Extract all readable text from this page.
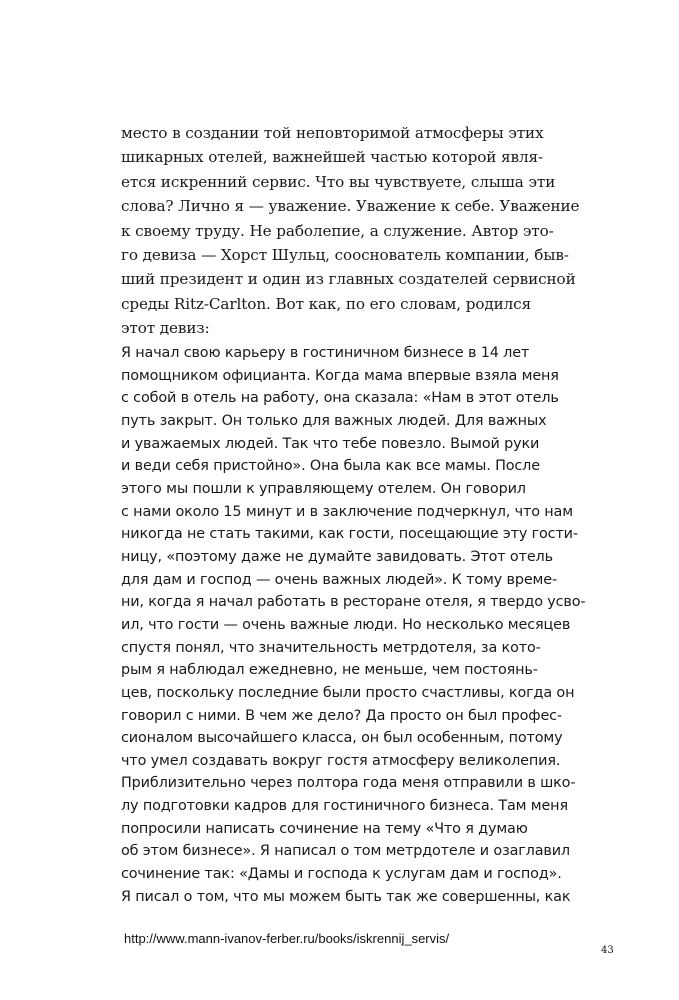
место в создании той неповторимой атмосферы этих
шикарных отелей, важнейшей частью которой явля-
ется искренний сервис. Что вы чувствуете, слыша эти
слова? Лично я — уважение. Уважение к себе. Уважение
к своему труду. Не раболепие, а служение. Автор это-
го девиза — Хорст Шульц, сооснователь компании, быв-
ший президент и один из главных создателей сервисной
среды Ritz-Carlton. Вот как, по его словам, родился
этот девиз:
Я начал свою карьеру в гостиничном бизнесе в 14 лет
помощником официанта. Когда мама впервые взяла меня
с собой в отель на работу, она сказала: «Нам в этот отель
путь закрыт. Он только для важных людей. Для важных
и уважаемых людей. Так что тебе повезло. Вымой руки
и веди себя пристойно». Она была как все мамы. После
этого мы пошли к управляющему отелем. Он говорил
с нами около 15 минут и в заключение подчеркнул, что нам
никогда не стать такими, как гости, посещающие эту гости-
ницу, «поэтому даже не думайте завидовать. Этот отель
для дам и господ — очень важных людей». К тому време-
ни, когда я начал работать в ресторане отеля, я твердо усво-
ил, что гости — очень важные люди. Но несколько месяцев
спустя понял, что значительность метрдотеля, за кото-
рым я наблюдал ежедневно, не меньше, чем постоянь-
цев, поскольку последние были просто счастливы, когда он
говорил с ними. В чем же дело? Да просто он был профес-
сионалом высочайшего класса, он был особенным, потому
что умел создавать вокруг гостя атмосферу великолепия.
Приблизительно через полтора года меня отправили в шко-
лу подготовки кадров для гостиничного бизнеса. Там меня
попросили написать сочинение на тему «Что я думаю
об этом бизнесе». Я написал о том метрдотеле и озаглавил
сочинение так: «Дамы и господа к услугам дам и господ».
Я писал о том, что мы можем быть так же совершенны, как
http://www.mann-ivanov-ferber.ru/books/iskrennij_servis/
43
